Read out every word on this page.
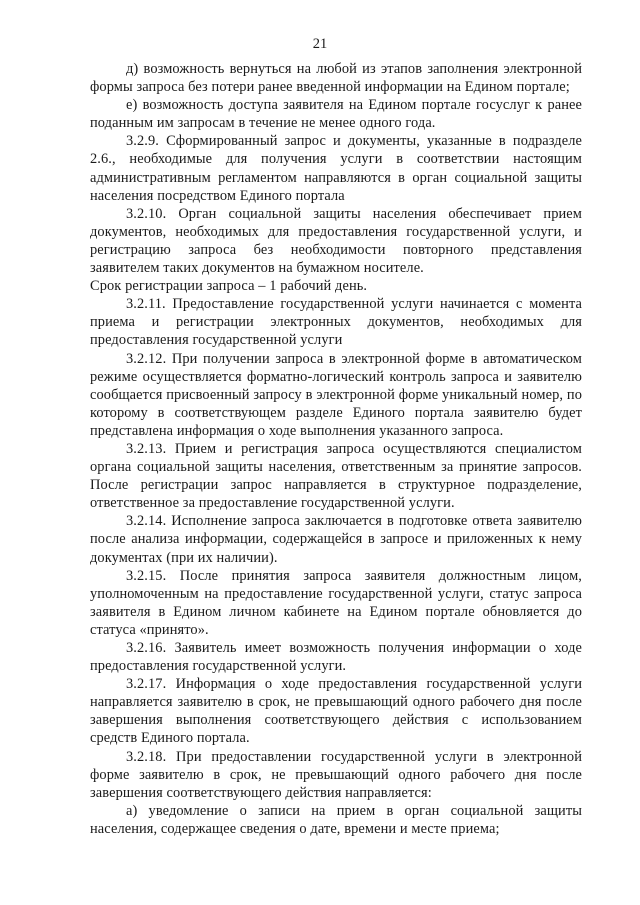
21

д) возможность вернуться на любой из этапов заполнения электронной формы запроса без потери ранее введенной информации на Едином портале;

е) возможность доступа заявителя на Едином портале госуслуг к ранее поданным им запросам в течение не менее одного года.

3.2.9. Сформированный запрос и документы, указанные в подразделе 2.6., необходимые для получения услуги в соответствии настоящим административным регламентом направляются в орган социальной защиты населения посредством Единого портала

3.2.10. Орган социальной защиты населения обеспечивает прием документов, необходимых для предоставления государственной услуги, и регистрацию запроса без необходимости повторного представления заявителем таких документов на бумажном носителе.

Срок регистрации запроса – 1 рабочий день.

3.2.11. Предоставление государственной услуги начинается с момента приема и регистрации электронных документов, необходимых для предоставления государственной услуги

3.2.12. При получении запроса в электронной форме в автоматическом режиме осуществляется форматно-логический контроль запроса и заявителю сообщается присвоенный запросу в электронной форме уникальный номер, по которому в соответствующем разделе Единого портала заявителю будет представлена информация о ходе выполнения указанного запроса.

3.2.13. Прием и регистрация запроса осуществляются специалистом органа социальной защиты населения, ответственным за принятие запросов. После регистрации запрос направляется в структурное подразделение, ответственное за предоставление государственной услуги.

3.2.14. Исполнение запроса заключается в подготовке ответа заявителю после анализа информации, содержащейся в запросе и приложенных к нему документах (при их наличии).

3.2.15. После принятия запроса заявителя должностным лицом, уполномоченным на предоставление государственной услуги, статус запроса заявителя в Едином личном кабинете на Едином портале обновляется до статуса «принято».

3.2.16. Заявитель имеет возможность получения информации о ходе предоставления государственной услуги.

3.2.17. Информация о ходе предоставления государственной услуги направляется заявителю в срок, не превышающий одного рабочего дня после завершения выполнения соответствующего действия с использованием средств Единого портала.

3.2.18. При предоставлении государственной услуги в электронной форме заявителю в срок, не превышающий одного рабочего дня после завершения соответствующего действия направляется:

а) уведомление о записи на прием в орган социальной защиты населения, содержащее сведения о дате, времени и месте приема;
